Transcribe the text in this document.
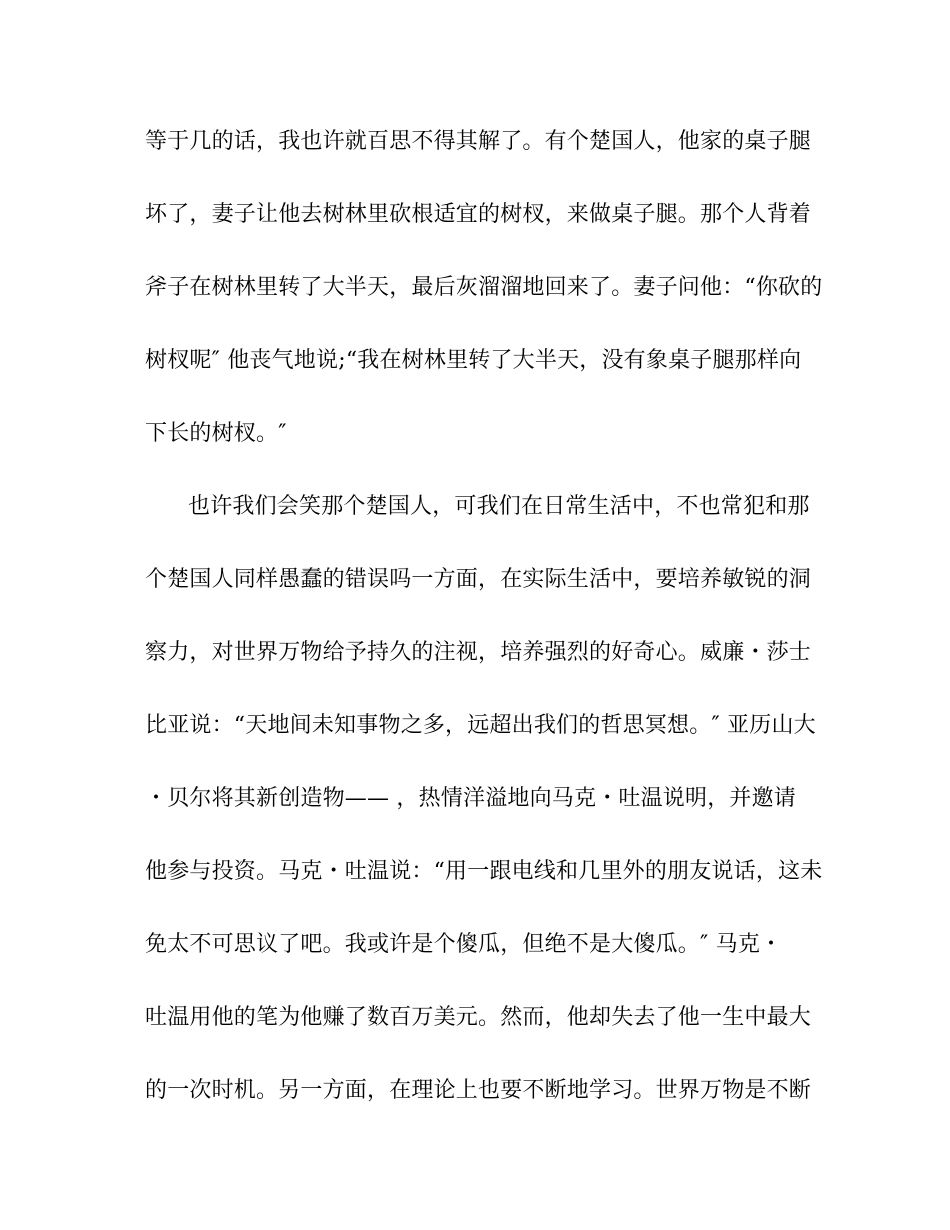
等于几的话，我也许就百思不得其解了。有个楚国人，他家的桌子腿
坏了，妻子让他去树林里砍根适宜的树杈，来做桌子腿。那个人背着
斧子在树林里转了大半天，最后灰溜溜地回来了。妻子问他：“你砍的
树杈呢″ 他丧气地说;“我在树林里转了大半天，没有象桌子腿那样向
下长的树杈。″
也许我们会笑那个楚国人，可我们在日常生活中，不也常犯和那
个楚国人同样愚蠢的错误吗一方面，在实际生活中，要培养敏锐的洞
察力，对世界万物给予持久的注视，培养强烈的好奇心。威廉・莎士
比亚说：“天地间未知事物之多，远超出我们的哲思冥想。″ 亚历山大
・贝尔将其新创造物—— ，热情洋溢地向马克・吐温说明，并邀请
他参与投资。马克・吐温说：“用一跟电线和几里外的朋友说话，这未
免太不可思议了吧。我或许是个傻瓜，但绝不是大傻瓜。″ 马克・
吐温用他的笔为他赚了数百万美元。然而，他却失去了他一生中最大
的一次时机。另一方面，在理论上也要不断地学习。世界万物是不断
